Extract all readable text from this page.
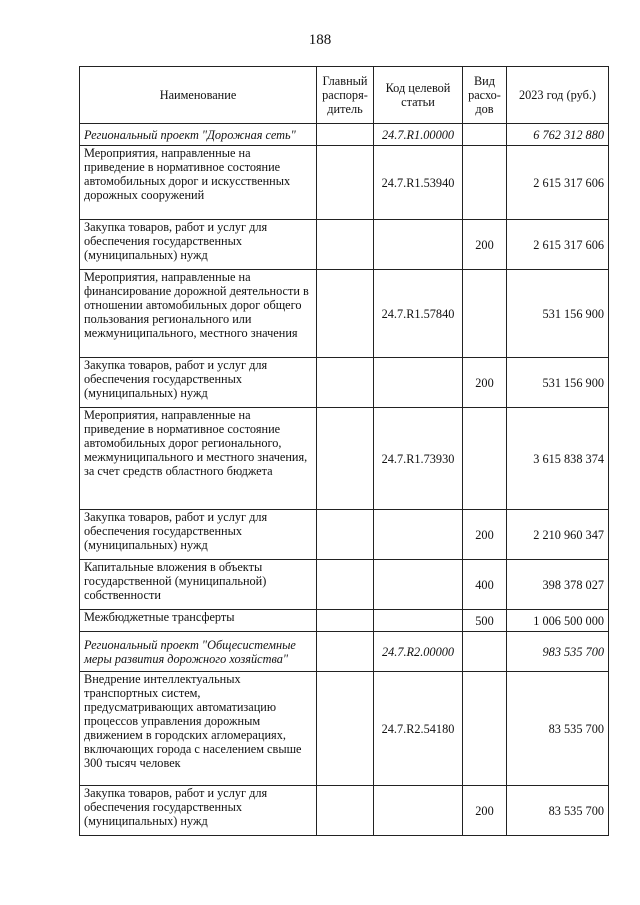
188
Наименование	Главный распоря-дитель	Код целевой статьи	Вид расхо-дов	2023 год (руб.)
Региональный проект "Дорожная сеть"		24.7.R1.00000		6 762 312 880
Мероприятия, направленные на приведение в нормативное состояние автомобильных дорог и искусственных дорожных сооружений		24.7.R1.53940		2 615 317 606
Закупка товаров, работ и услуг для обеспечения государственных (муниципальных) нужд			200	2 615 317 606
Мероприятия, направленные на финансирование дорожной деятельности в отношении автомобильных дорог общего пользования регионального или межмуниципального, местного значения		24.7.R1.57840		531 156 900
Закупка товаров, работ и услуг для обеспечения государственных (муниципальных) нужд			200	531 156 900
Мероприятия, направленные на приведение в нормативное состояние автомобильных дорог регионального, межмуниципального и местного значения, за счет средств областного бюджета		24.7.R1.73930		3 615 838 374
Закупка товаров, работ и услуг для обеспечения государственных (муниципальных) нужд			200	2 210 960 347
Капитальные вложения в объекты государственной (муниципальной) собственности			400	398 378 027
Межбюджетные трансферты			500	1 006 500 000
Региональный проект "Общесистемные меры развития дорожного хозяйства"		24.7.R2.00000		983 535 700
Внедрение интеллектуальных транспортных систем, предусматривающих автоматизацию процессов управления дорожным движением в городских агломерациях, включающих города с населением свыше 300 тысяч человек		24.7.R2.54180		83 535 700
Закупка товаров, работ и услуг для обеспечения государственных (муниципальных) нужд			200	83 535 700
